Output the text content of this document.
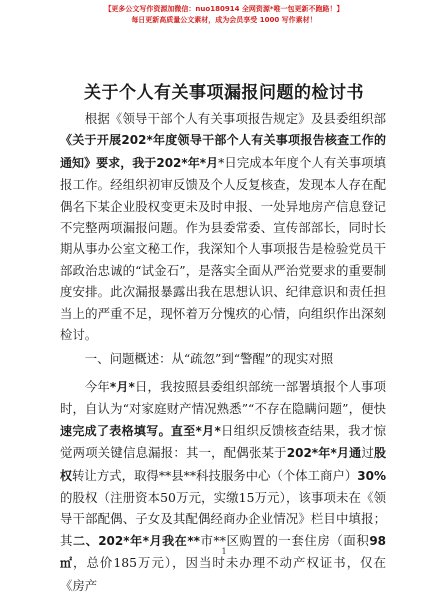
【更多公文写作资源加微信：nuo180914 全网资源*唯一包更新不跑路！】
每日更新高质量公文素材，成为会员享受 1000 写作素材！
关于个人有关事项漏报问题的检讨书

根据《领导干部个人有关事项报告规定》及县委组织部《关于开展202*年度领导干部个人有关事项报告核查工作的通知》要求，我于202*年*月*日完成本年度个人有关事项填报工作。经组织初审反馈及个人反复核查，发现本人存在配偶名下某企业股权变更未及时申报、一处异地房产信息登记不完整两项漏报问题。作为县委常委、宣传部部长，同时长期从事办公室文秘工作，我深知个人事项报告是检验党员干部政治忠诚的“试金石”，是落实全面从严治党要求的重要制度安排。此次漏报暴露出我在思想认识、纪律意识和责任担当上的严重不足，现怀着万分愧疚的心情，向组织作出深刻检讨。

一、问题概述：从“疏忽”到“警醒”的现实对照

今年*月*日，我按照县委组织部统一部署填报个人事项时，自认为“对家庭财产情况熟悉”“不存在隐瞒问题”，便快速完成了表格填写。直至*月*日组织反馈核查结果，我才惊觉两项关键信息漏报：其一，配偶张某于202*年*月通过股权转让方式，取得**县**科技服务中心（个体工商户）30%的股权（注册资本50万元，实缴15万元），该事项未在《领导干部配偶、子女及其配偶经商办企业情况》栏目中填报；其二、202*年*月我在**市**区购置的一套住房（面积98㎡，总价185万元），因当时未办理不动产权证书，仅在《房产

1
